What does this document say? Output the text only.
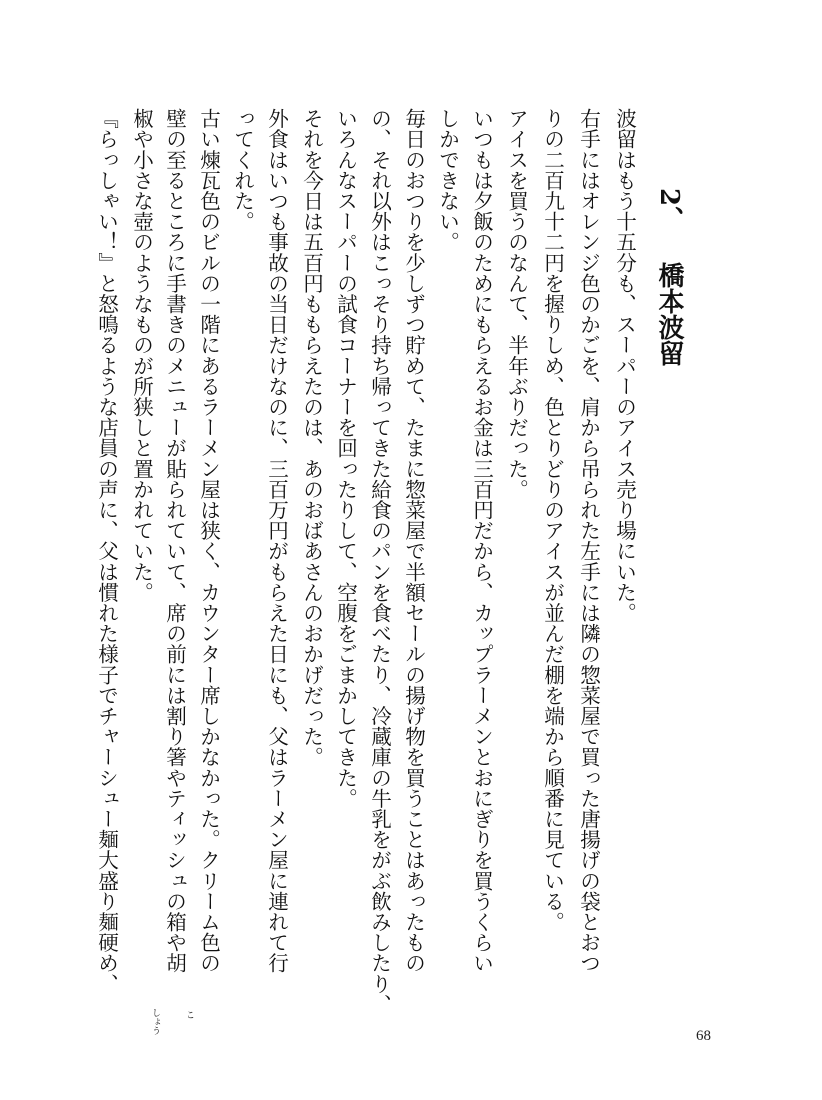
2、
橋本波留
波留はもう十五分も、スーパーのアイス売り場にいた。
右手にはオレンジ色のかごを、肩から吊られた左手には隣の惣菜屋で買った唐揚げの袋とおつ
りの二百九十二円を握りしめ、色とりどりのアイスが並んだ棚を端から順番に見ている。
アイスを買うのなんて、半年ぶりだった。
いつもは夕飯のためにもらえるお金は三百円だから、カップラーメンとおにぎりを買うくらい
しかできない。
毎日のおつりを少しずつ貯めて、たまに惣菜屋で半額セールの揚げ物を買うことはあったもの
の、それ以外はこっそり持ち帰ってきた給食のパンを食べたり、冷蔵庫の牛乳をがぶ飲みしたり、
いろんなスーパーの試食コーナーを回ったりして、空腹をごまかしてきた。
それを今日は五百円ももらえたのは、あのおばあさんのおかげだった。
外食はいつも事故の当日だけなのに、三百万円がもらえた日にも、父はラーメン屋に連れて行
ってくれた。
古い煉瓦色のビルの一階にあるラーメン屋は狭く、カウンター席しかなかった。クリーム色の
壁の至るところに手書きのメニューが貼られていて、席の前には割り箸やティッシュの箱や胡
椒や小さな壺のようなものが所狭しと置かれていた。
『らっしゃい！』と怒鳴るような店員の声に、父は慣れた様子でチャーシュー麺大盛り麺硬め、
しょう	こ
68
